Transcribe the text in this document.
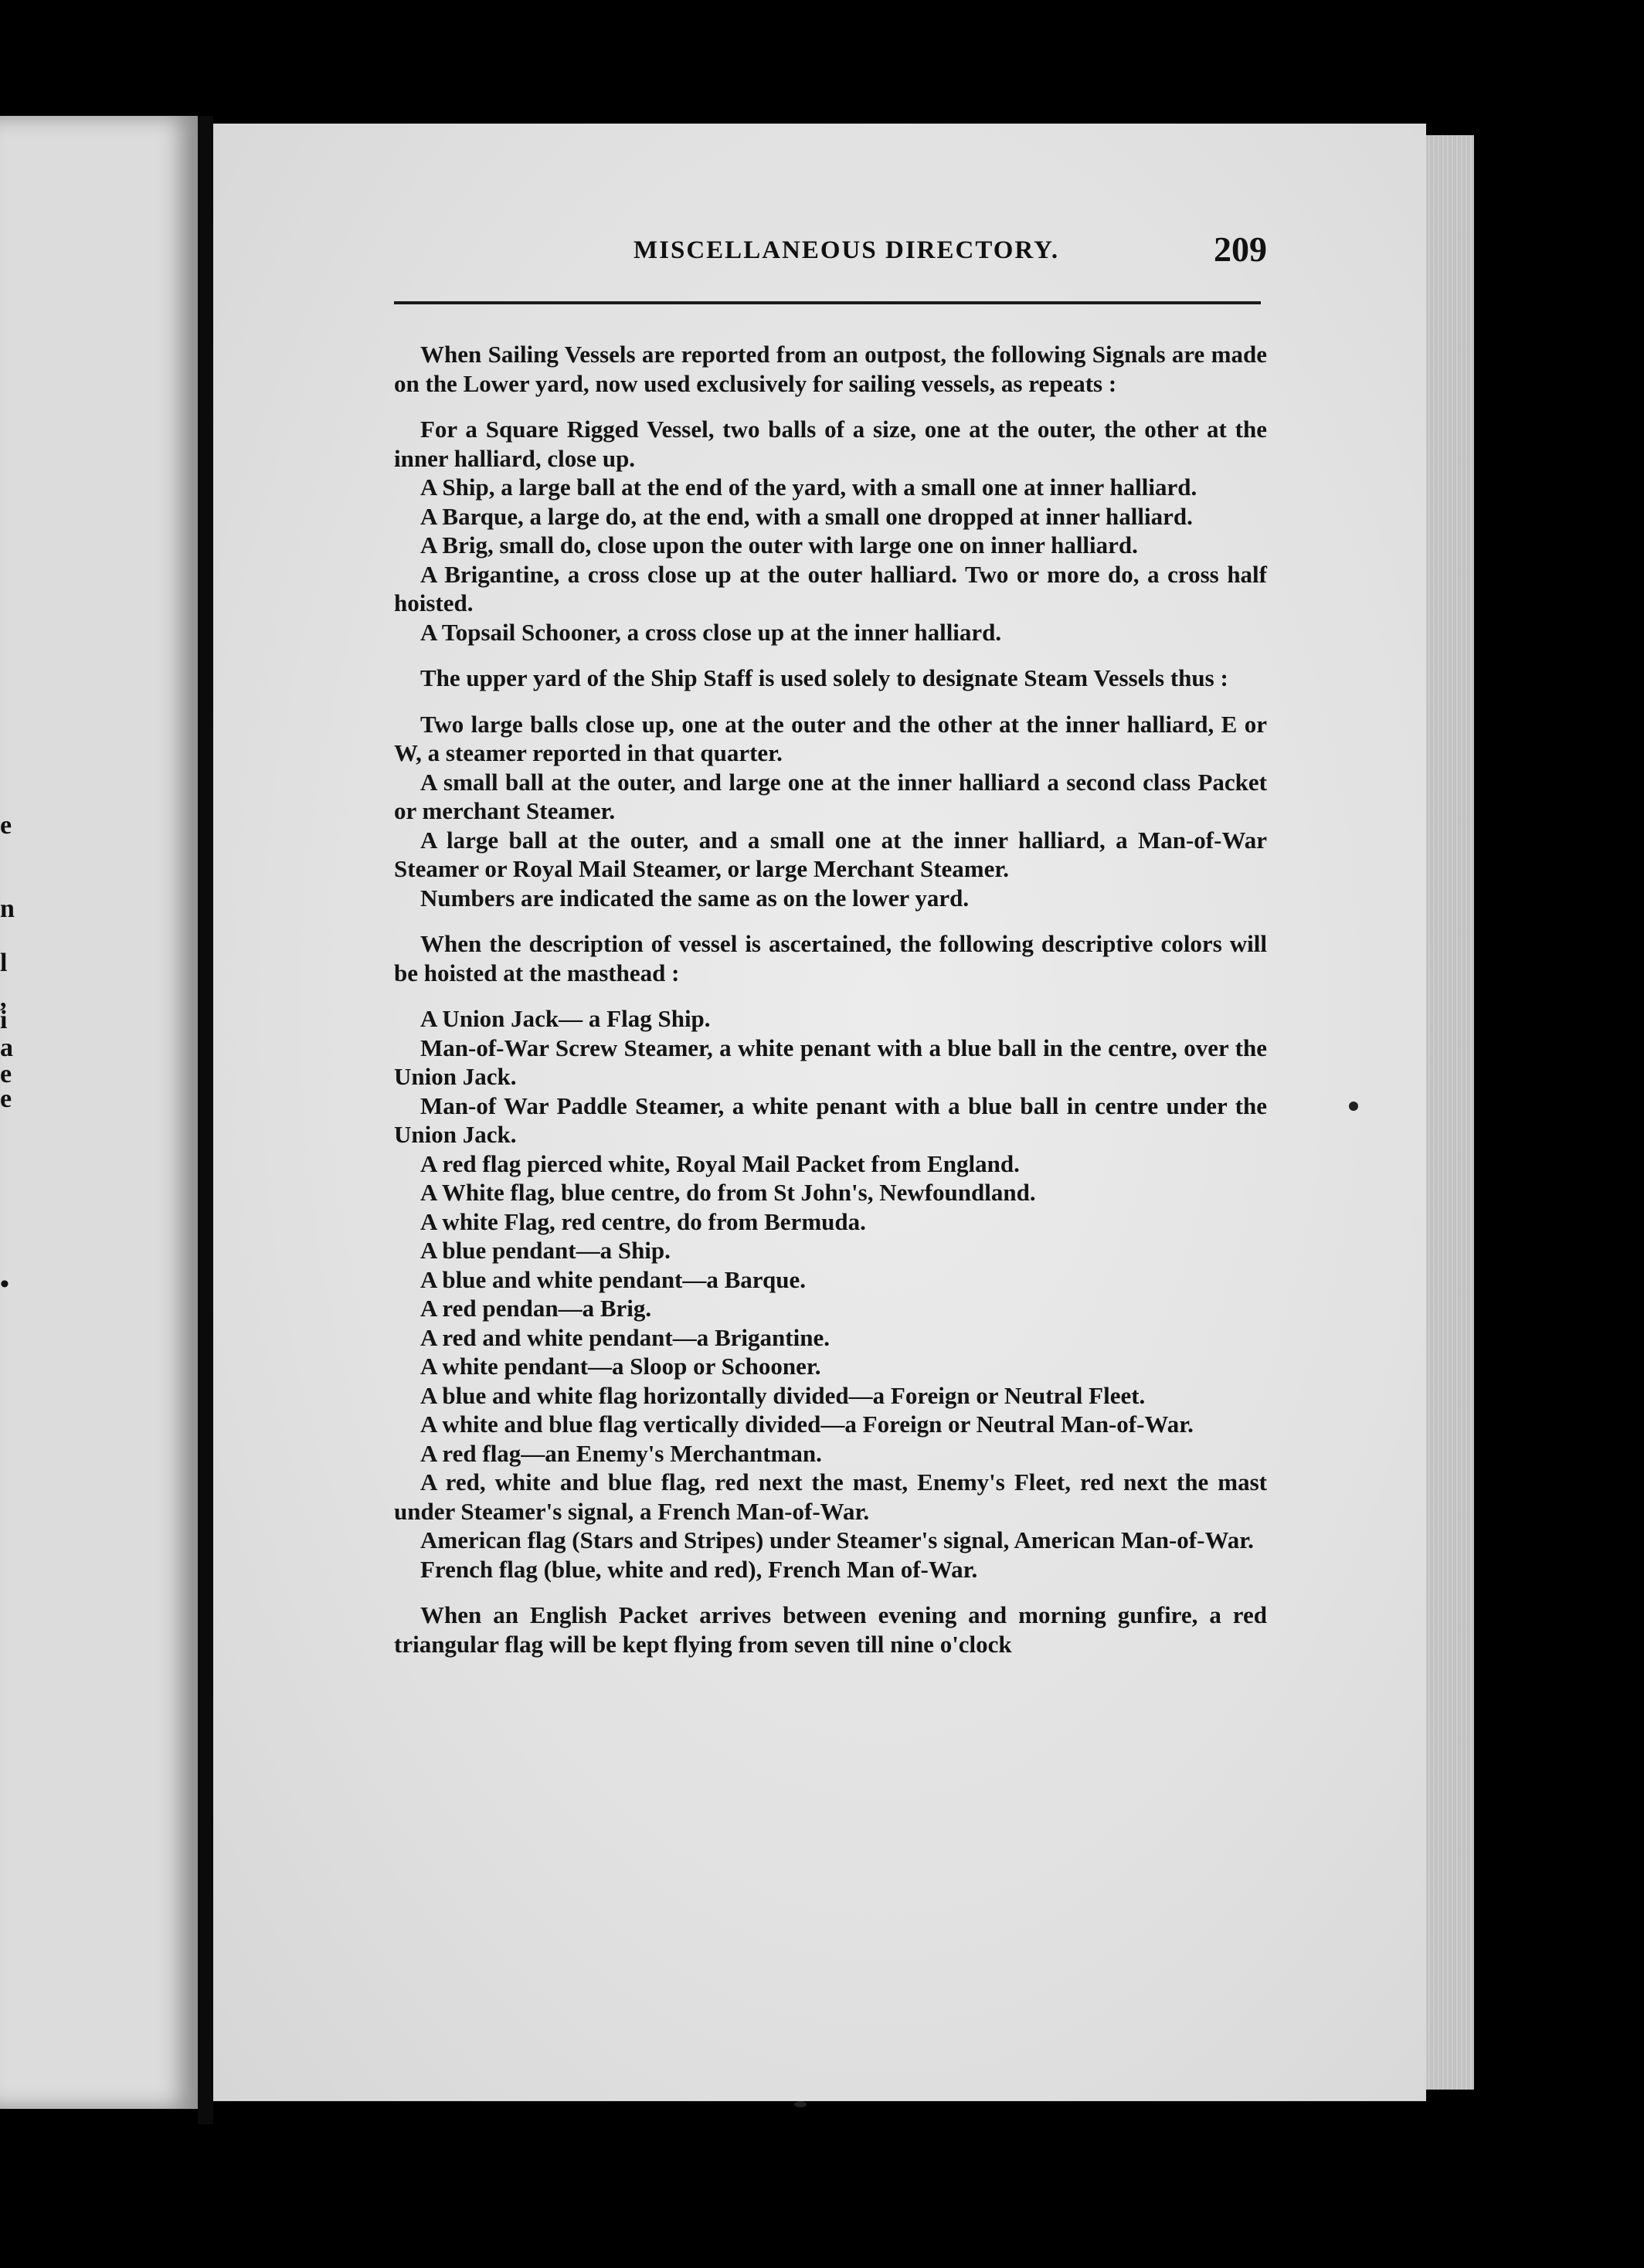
e
n
l
,
i
a
e
e
•
MISCELLANEOUS DIRECTORY.	209

When Sailing Vessels are reported from an outpost, the following Signals are made on the Lower yard, now used exclusively for sailing vessels, as repeats :

For a Square Rigged Vessel, two balls of a size, one at the outer, the other at the inner halliard, close up.

A Ship, a large ball at the end of the yard, with a small one at inner halliard.

A Barque, a large do, at the end, with a small one dropped at inner halliard.

A Brig, small do, close upon the outer with large one on inner halliard.

A Brigantine, a cross close up at the outer halliard. Two or more do, a cross half hoisted.

A Topsail Schooner, a cross close up at the inner halliard.

The upper yard of the Ship Staff is used solely to designate Steam Vessels thus :

Two large balls close up, one at the outer and the other at the inner halliard, E or W, a steamer reported in that quarter.

A small ball at the outer, and large one at the inner halliard a second class Packet or merchant Steamer.

A large ball at the outer, and a small one at the inner halliard, a Man-of-War Steamer or Royal Mail Steamer, or large Merchant Steamer.

Numbers are indicated the same as on the lower yard.

When the description of vessel is ascertained, the following descriptive colors will be hoisted at the masthead :

A Union Jack— a Flag Ship.

Man-of-War Screw Steamer, a white penant with a blue ball in the centre, over the Union Jack.

Man-of War Paddle Steamer, a white penant with a blue ball in centre under the Union Jack.

A red flag pierced white, Royal Mail Packet from England.

A White flag, blue centre, do from St John's, Newfoundland.

A white Flag, red centre, do from Bermuda.

A blue pendant—a Ship.

A blue and white pendant—a Barque.

A red pendan—a Brig.

A red and white pendant—a Brigantine.

A white pendant—a Sloop or Schooner.

A blue and white flag horizontally divided—a Foreign or Neutral Fleet.

A white and blue flag vertically divided—a Foreign or Neutral Man-of-War.

A red flag—an Enemy's Merchantman.

A red, white and blue flag, red next the mast, Enemy's Fleet, red next the mast under Steamer's signal, a French Man-of-War.

American flag (Stars and Stripes) under Steamer's signal, American Man-of-War.

French flag (blue, white and red), French Man of-War.

When an English Packet arrives between evening and morning gunfire, a red triangular flag will be kept flying from seven till nine o'clock
